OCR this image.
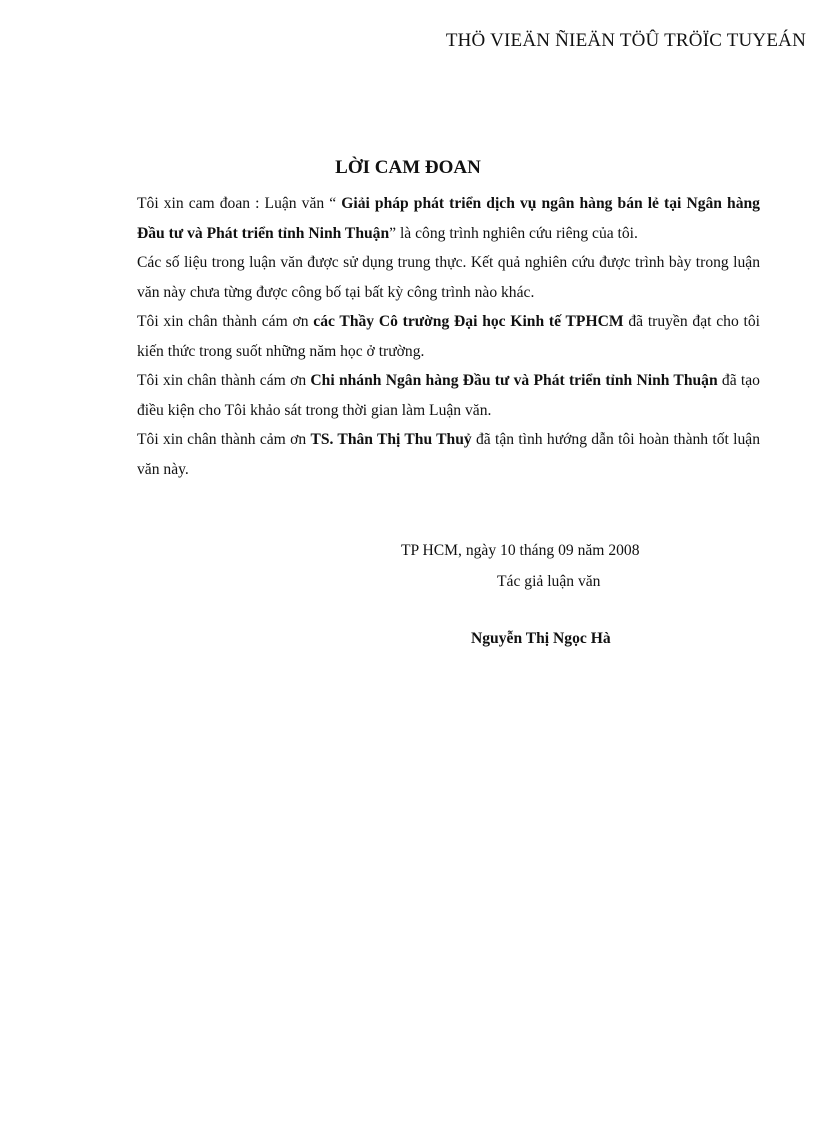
THÖ VIEÄN ÑIEÄN TÖÛ TRÖÏC TUYEÁN
LỜI CAM ĐOAN

Tôi xin cam đoan : Luận văn “ Giải pháp phát triển dịch vụ ngân hàng bán lẻ tại Ngân hàng Đầu tư và Phát triển tỉnh Ninh Thuận” là công trình nghiên cứu riêng của tôi.

Các số liệu trong luận văn được sử dụng trung thực. Kết quả nghiên cứu được trình bày trong luận văn này chưa từng được công bố tại bất kỳ công trình nào khác.

Tôi xin chân thành cám ơn các Thầy Cô trường Đại học Kinh tế TPHCM đã truyền đạt cho tôi kiến thức trong suốt những năm học ở trường.

Tôi xin chân thành cám ơn Chi nhánh Ngân hàng Đầu tư và Phát triển tỉnh Ninh Thuận đã tạo điều kiện cho Tôi khảo sát trong thời gian làm Luận văn.

Tôi xin chân thành cảm ơn TS. Thân Thị Thu Thuỷ đã tận tình hướng dẫn tôi hoàn thành tốt luận văn này.

TP HCM, ngày 10 tháng 09 năm 2008
Tác giả luận văn
Nguyễn Thị Ngọc Hà
